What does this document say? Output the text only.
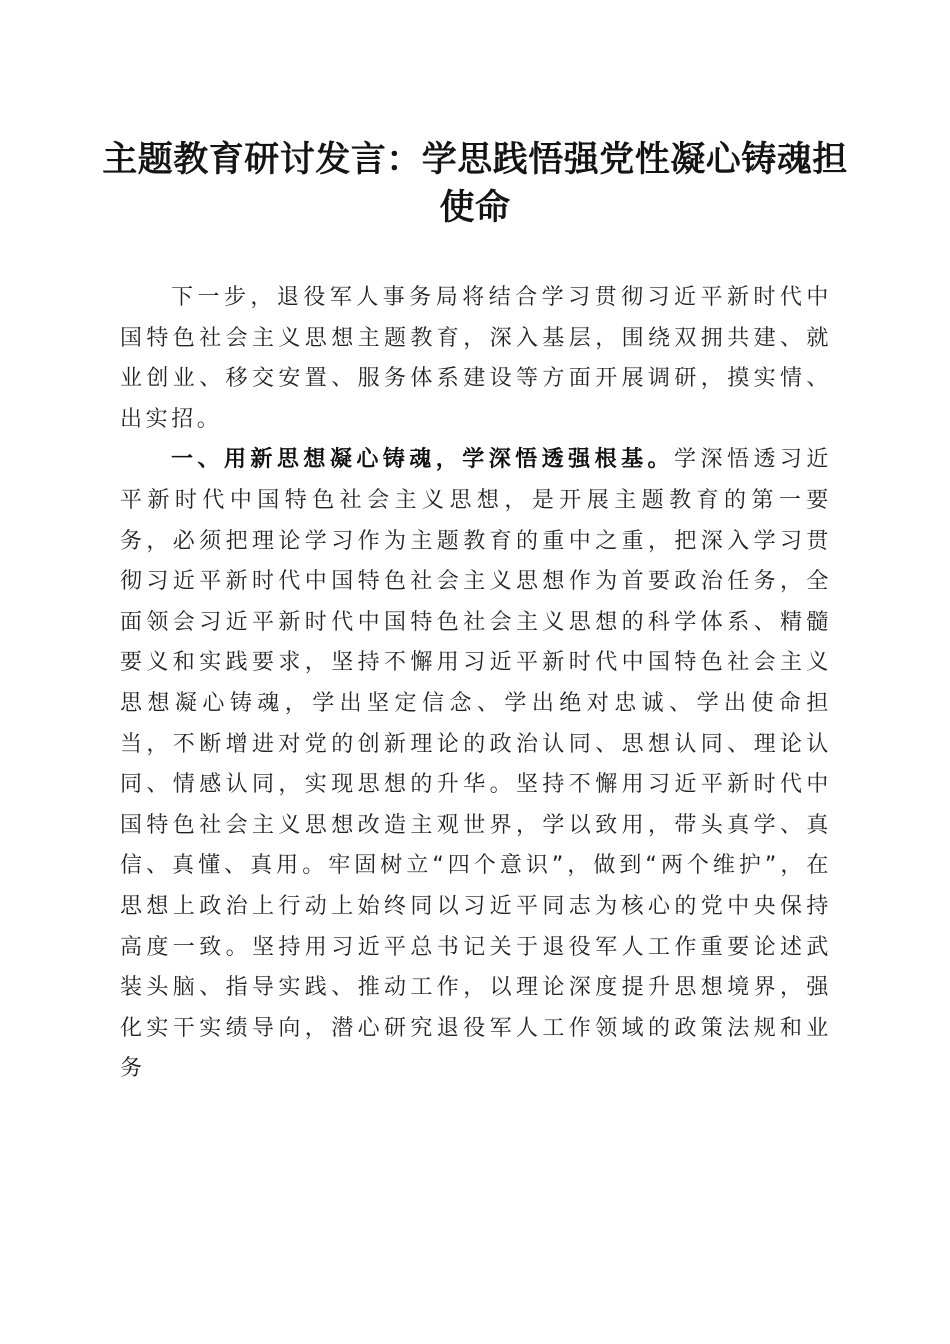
主题教育研讨发言：学思践悟强党性凝心铸魂担使命

下一步，退役军人事务局将结合学习贯彻习近平新时代中国特色社会主义思想主题教育，深入基层，围绕双拥共建、就业创业、移交安置、服务体系建设等方面开展调研，摸实情、出实招。

一、用新思想凝心铸魂，学深悟透强根基。学深悟透习近平新时代中国特色社会主义思想，是开展主题教育的第一要务，必须把理论学习作为主题教育的重中之重，把深入学习贯彻习近平新时代中国特色社会主义思想作为首要政治任务，全面领会习近平新时代中国特色社会主义思想的科学体系、精髓要义和实践要求，坚持不懈用习近平新时代中国特色社会主义思想凝心铸魂，学出坚定信念、学出绝对忠诚、学出使命担当，不断增进对党的创新理论的政治认同、思想认同、理论认同、情感认同，实现思想的升华。坚持不懈用习近平新时代中国特色社会主义思想改造主观世界，学以致用，带头真学、真信、真懂、真用。牢固树立“四个意识”，做到“两个维护”，在思想上政治上行动上始终同以习近平同志为核心的党中央保持高度一致。坚持用习近平总书记关于退役军人工作重要论述武装头脑、指导实践、推动工作，以理论深度提升思想境界，强化实干实绩导向，潜心研究退役军人工作领域的政策法规和业务
